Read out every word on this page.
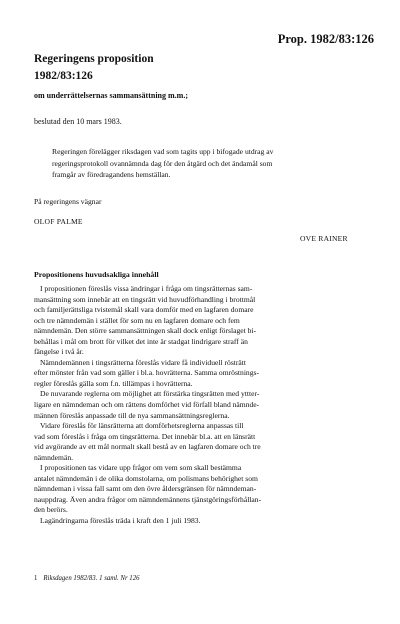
Prop. 1982/83:126
Regeringens proposition
1982/83:126
om underrättelsernas sammansättning m.m.;
beslutad den 10 mars 1983.

Regeringen förelägger riksdagen vad som tagits upp i bifogade utdrag av

regeringsprotokoll ovannämnda dag för den åtgärd och det ändamål som

framgår av föredragandens hemställan.

På regeringens vägnar
OLOF PALME
OVE RAINER
Propositionens huvudsakliga innehåll
I propositionen föreslås vissa ändringar i fråga om tingsrätternas sam-
mansättning som innebär att en tingsrätt vid huvudförhandling i brottmål
och familjerättsliga tvistemål skall vara domför med en lagfaren domare
och tre nämndemän i stället för som nu en lagfaren domare och fem
nämndemän. Den större sammansättningen skall dock enligt förslaget bi-
behållas i mål om brott för vilket det inte är stadgat lindrigare straff än
fängelse i två år.
Nämndemännen i tingsrätterna föreslås vidare få individuell rösträtt
efter mönster från vad som gäller i bl.a. hovrätterna. Samma omröstnings-
regler föreslås gälla som f.n. tillämpas i hovrätterna.
De nuvarande reglerna om möjlighet att förstärka tingsrätten med yttter-
ligare en nämndeman och om rättens domförhet vid förfall bland nämnde-
männen föreslås anpassade till de nya sammansättningsreglerna.
Vidare föreslås för länsrätterna att domförhetsreglerna anpassas till
vad som föreslås i fråga om tingsrätterna. Det innebär bl.a. att en länsrätt
vid avgörande av ett mål normalt skall bestå av en lagfaren domare och tre
nämndemän.
I propositionen tas vidare upp frågor om vem som skall bestämma
antalet nämndemän i de olika domstolarna, om polismans behörighet som
nämndeman i vissa fall samt om den övre åldersgränsen för nämndeman-
nauppdrag. Även andra frågor om nämndemännens tjänstgöringsförhållan-
den berörs.
Lagändringarna föreslås träda i kraft den 1 juli 1983.
1 Riksdagen 1982/83. 1 saml. Nr 126
